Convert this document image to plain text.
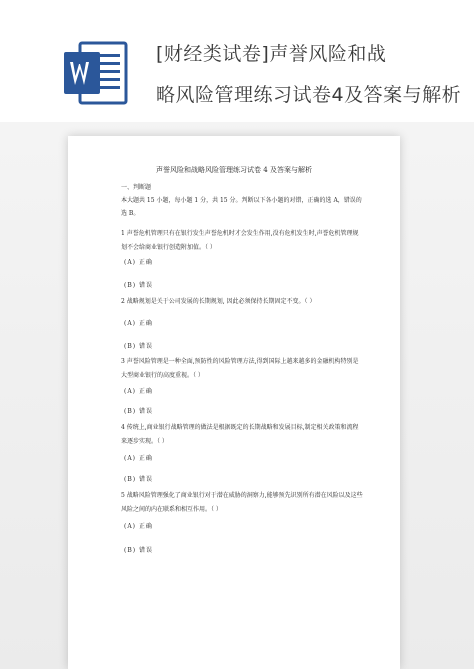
[财经类试卷]声誉风险和战
略风险管理练习试卷4及答案与解析
声誉风险和战略风险管理练习试卷 4 及答案与解析
一、判断题
本大题共 15 小题，每小题 1 分，共 15 分。判断以下各小题的对错，正确的选 A，错误的选 B。
1 声誉危机管理只有在银行发生声誉危机时才会发生作用,没有危机发生时,声誉危机管理规划不会给商业银行创造附加值。（ ）
(A) 正确
(B) 错误
2 战略规划是关于公司发展的长期规划, 因此必须保持长期固定不变。（ ）
(A) 正确
(B) 错误
3 声誉风险管理是一种全面,预防性的风险管理方法,得到国际上越来越多的金融机构特别是大型商业银行的高度重视。（ ）
(A) 正确
(B) 错误
4 传统上,商业银行战略管理的做法是根据既定的长期战略和发展目标,制定相关政策和流程来逐步实现。（ ）
(A) 正确
(B) 错误
5 战略风险管理强化了商业银行对于潜在威胁的洞察力,能够预先识别所有潜在风险以及这些风险之间的内在联系和相互作用。（ ）
(A) 正确
(B) 错误
